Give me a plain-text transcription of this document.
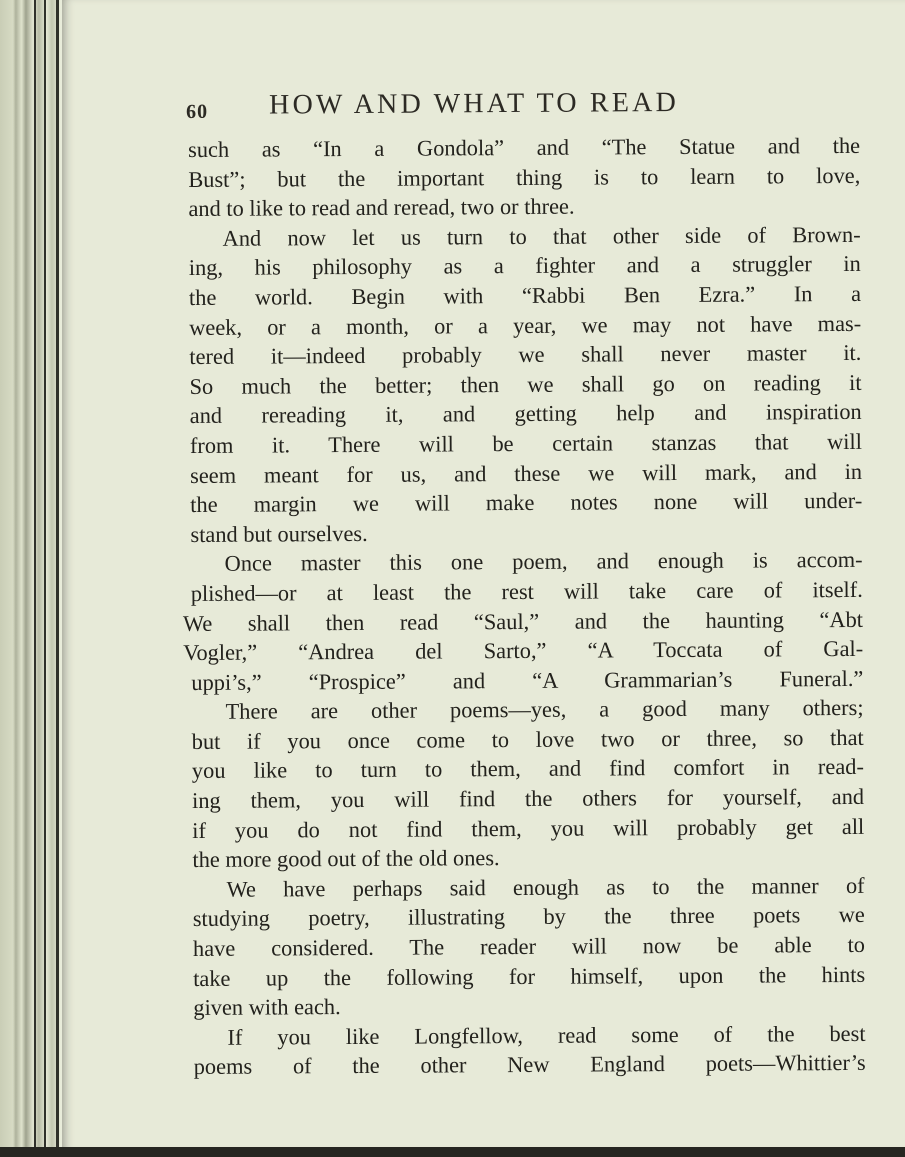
60 HOW AND WHAT TO READ
such as “In a Gondola” and “The Statue and the
Bust”; but the important thing is to learn to love,
and to like to read and reread, two or three.
And now let us turn to that other side of Brown-
ing, his philosophy as a fighter and a struggler in
the world. Begin with “Rabbi Ben Ezra.” In a
week, or a month, or a year, we may not have mas-
tered it—indeed probably we shall never master it.
So much the better; then we shall go on reading it
and rereading it, and getting help and inspiration
from it. There will be certain stanzas that will
seem meant for us, and these we will mark, and in
the margin we will make notes none will under-
stand but ourselves.
Once master this one poem, and enough is accom-
plished—or at least the rest will take care of itself.
We shall then read “Saul,” and the haunting “Abt
Vogler,” “Andrea del Sarto,” “A Toccata of Gal-
uppi’s,” “Prospice” and “A Grammarian’s Funeral.”
There are other poems—yes, a good many others;
but if you once come to love two or three, so that
you like to turn to them, and find comfort in read-
ing them, you will find the others for yourself, and
if you do not find them, you will probably get all
the more good out of the old ones.
We have perhaps said enough as to the manner of
studying poetry, illustrating by the three poets we
have considered. The reader will now be able to
take up the following for himself, upon the hints
given with each.
If you like Longfellow, read some of the best
poems of the other New England poets—Whittier’s
